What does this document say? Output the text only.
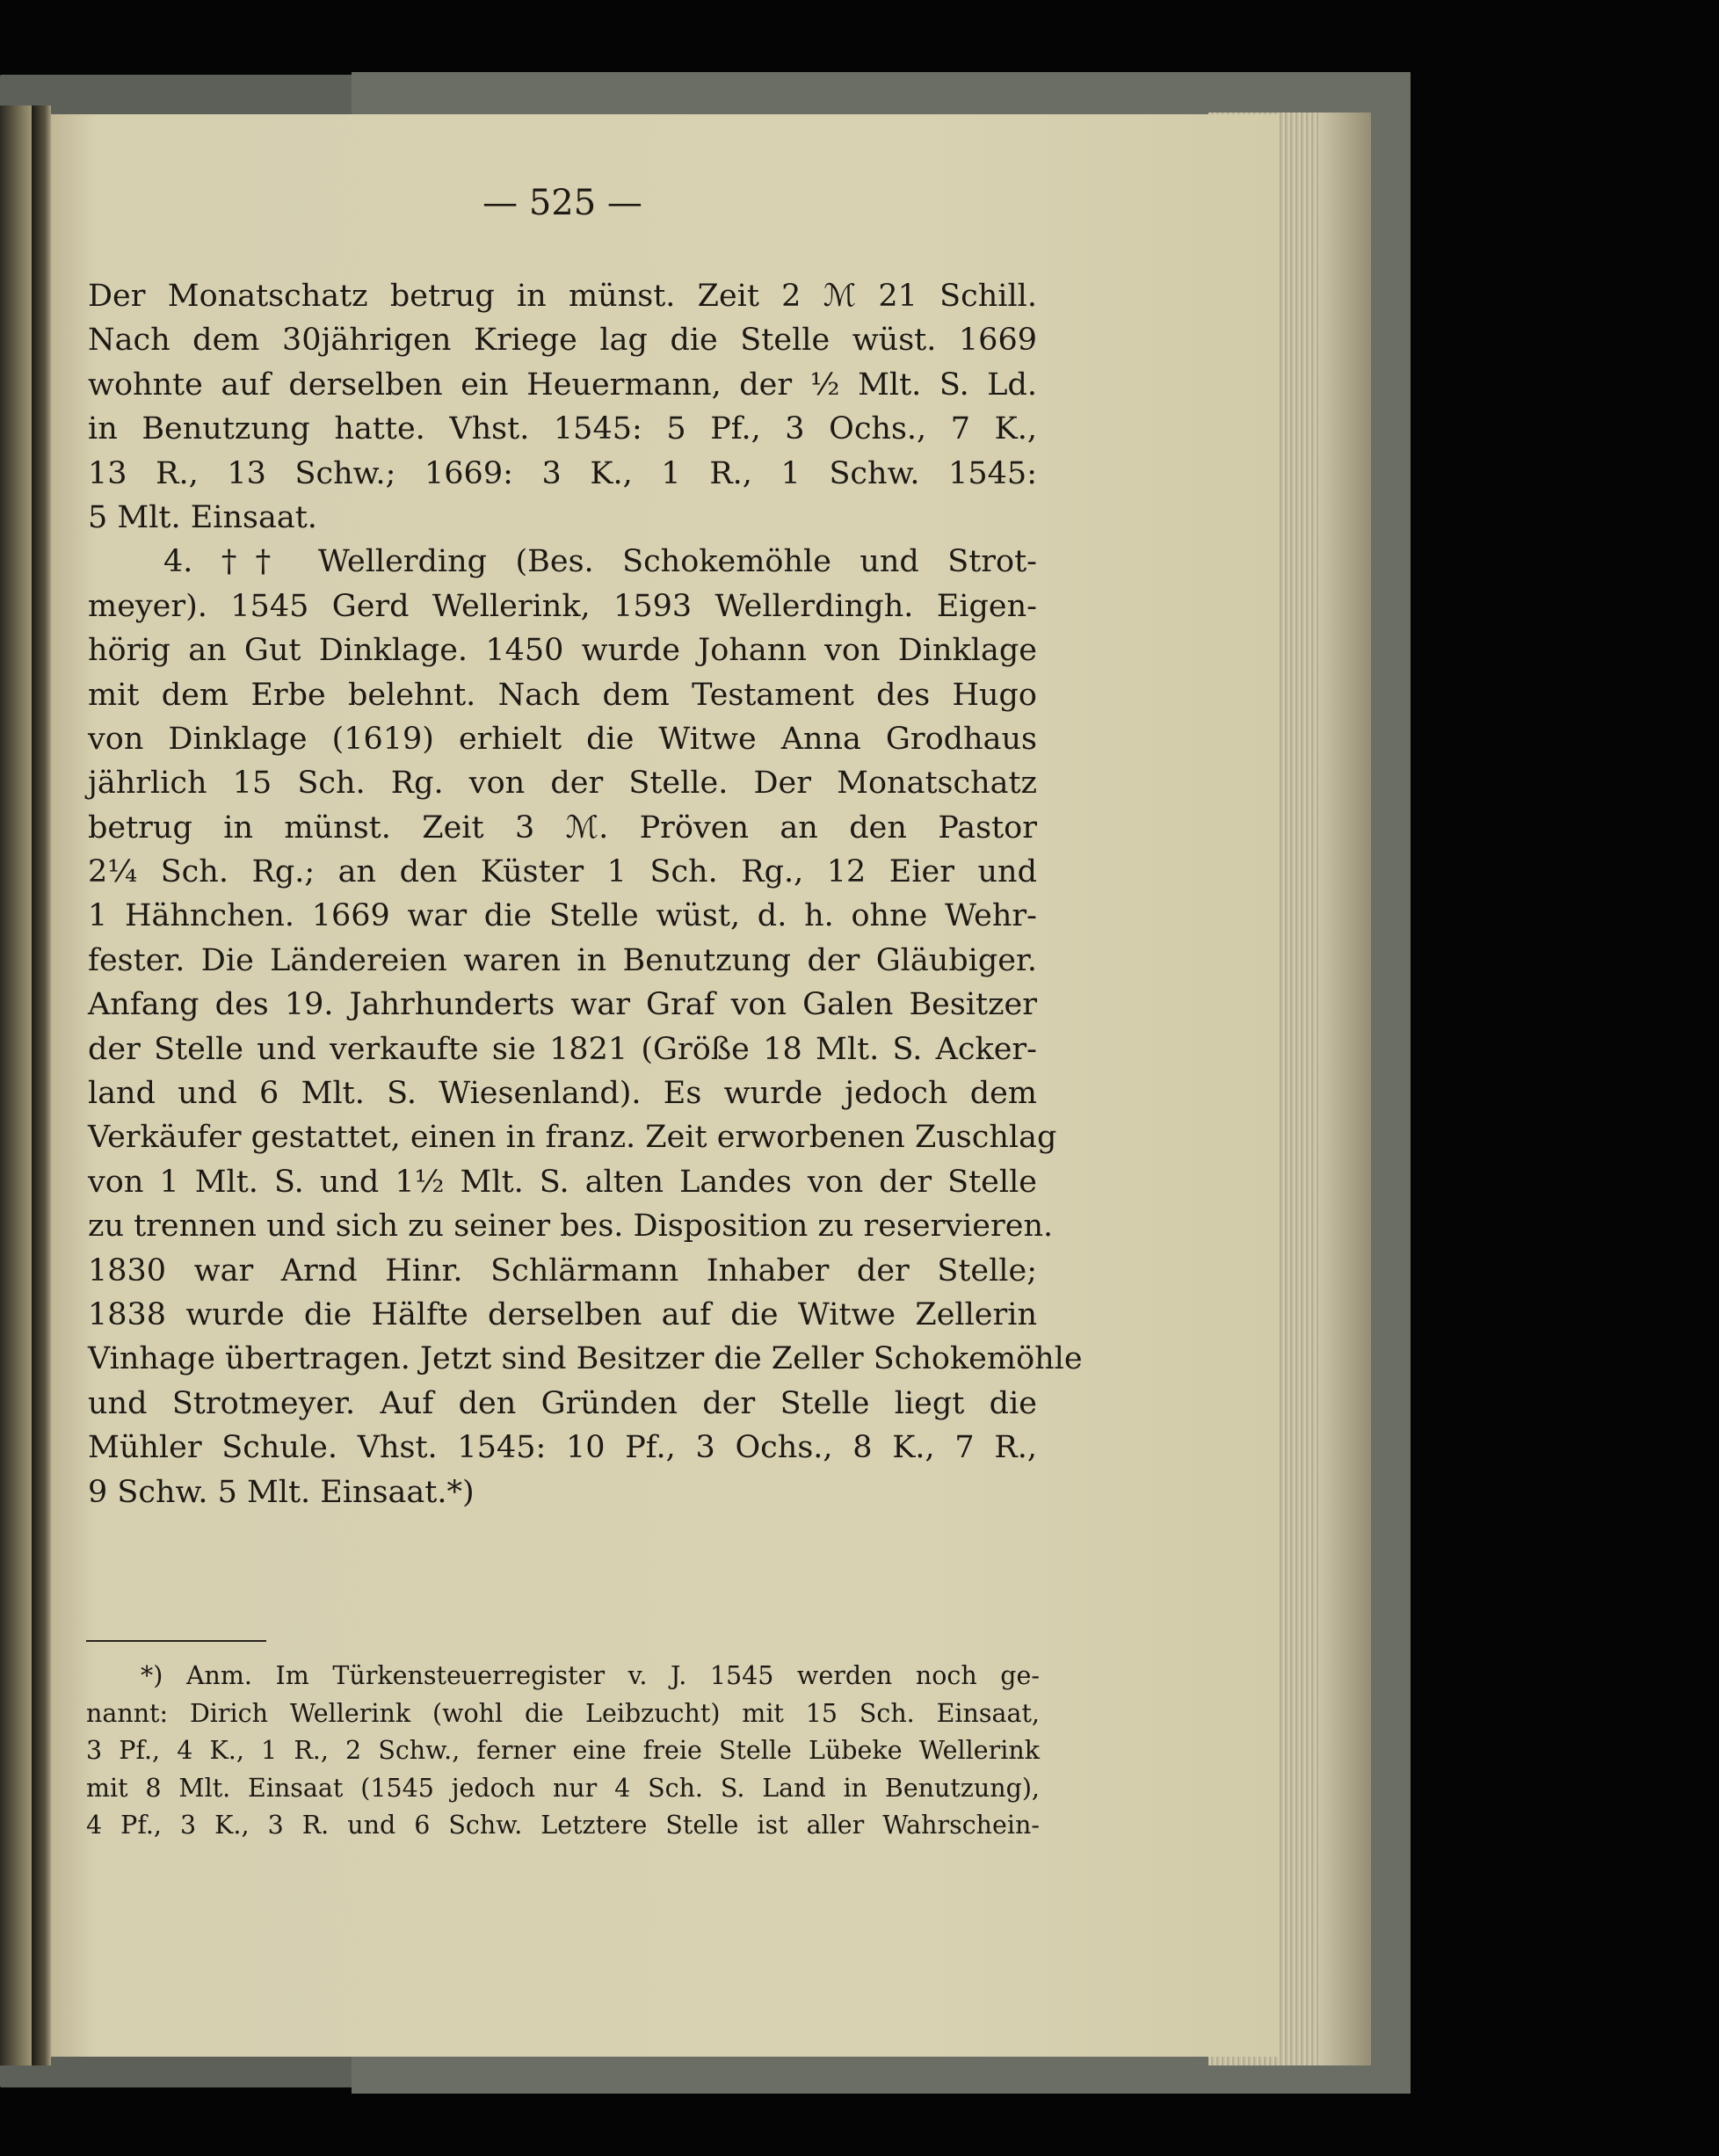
— 525 —
Der Monatschatz betrug in münst. Zeit 2 ℳ 21 Schill.
Nach dem 30jährigen Kriege lag die Stelle wüst. 1669
wohnte auf derselben ein Heuermann, der ½ Mlt. S. Ld.
in Benutzung hatte. Vhst. 1545: 5 Pf., 3 Ochs., 7 K.,
13 R., 13 Schw.; 1669: 3 K., 1 R., 1 Schw. 1545:
5 Mlt. Einsaat.
4. †† Wellerding (Bes. Schokemöhle und Strot-
meyer). 1545 Gerd Wellerink, 1593 Wellerdingh. Eigen-
hörig an Gut Dinklage. 1450 wurde Johann von Dinklage
mit dem Erbe belehnt. Nach dem Testament des Hugo
von Dinklage (1619) erhielt die Witwe Anna Grodhaus
jährlich 15 Sch. Rg. von der Stelle. Der Monatschatz
betrug in münst. Zeit 3 ℳ. Pröven an den Pastor
2¼ Sch. Rg.; an den Küster 1 Sch. Rg., 12 Eier und
1 Hähnchen. 1669 war die Stelle wüst, d. h. ohne Wehr-
fester. Die Ländereien waren in Benutzung der Gläubiger.
Anfang des 19. Jahrhunderts war Graf von Galen Besitzer
der Stelle und verkaufte sie 1821 (Größe 18 Mlt. S. Acker-
land und 6 Mlt. S. Wiesenland). Es wurde jedoch dem
Verkäufer gestattet, einen in franz. Zeit erworbenen Zuschlag
von 1 Mlt. S. und 1½ Mlt. S. alten Landes von der Stelle
zu trennen und sich zu seiner bes. Disposition zu reservieren.
1830 war Arnd Hinr. Schlärmann Inhaber der Stelle;
1838 wurde die Hälfte derselben auf die Witwe Zellerin
Vinhage übertragen. Jetzt sind Besitzer die Zeller Schokemöhle
und Strotmeyer. Auf den Gründen der Stelle liegt die
Mühler Schule. Vhst. 1545: 10 Pf., 3 Ochs., 8 K., 7 R.,
9 Schw. 5 Mlt. Einsaat.*)
*) Anm. Im Türkensteuerregister v. J. 1545 werden noch ge-
nannt: Dirich Wellerink (wohl die Leibzucht) mit 15 Sch. Einsaat,
3 Pf., 4 K., 1 R., 2 Schw., ferner eine freie Stelle Lübeke Wellerink
mit 8 Mlt. Einsaat (1545 jedoch nur 4 Sch. S. Land in Benutzung),
4 Pf., 3 K., 3 R. und 6 Schw. Letztere Stelle ist aller Wahrschein-
